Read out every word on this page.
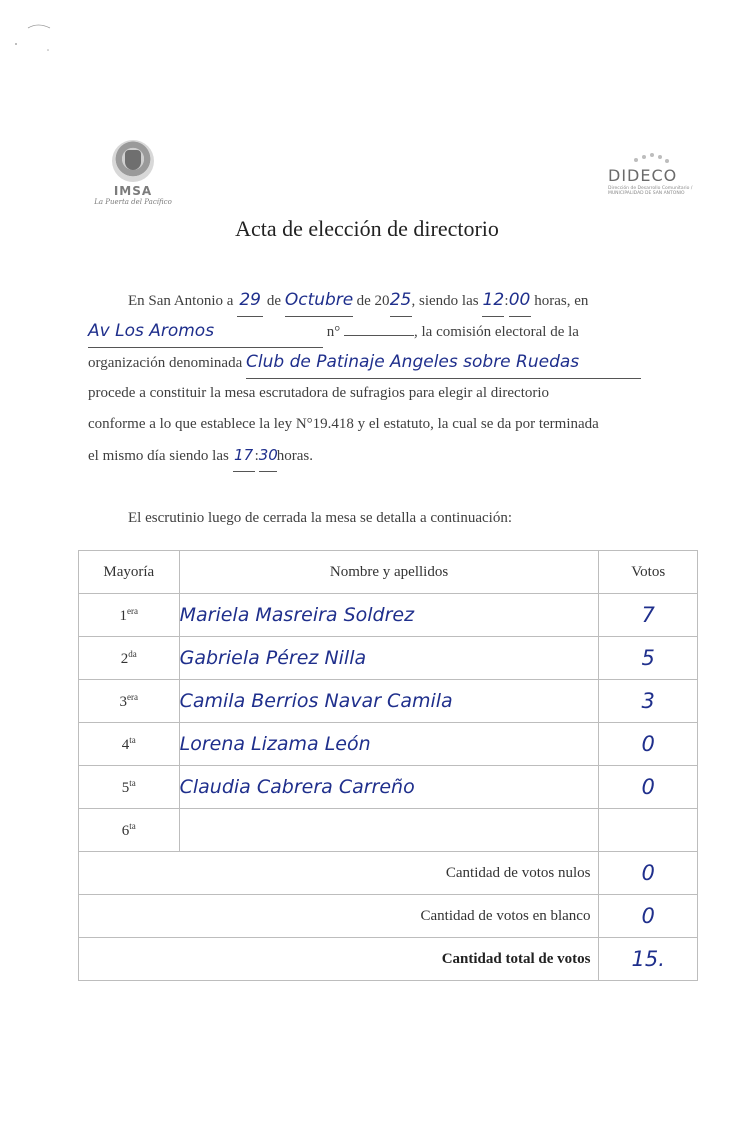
IMSA
La Puerta del Pacífico
DIDECO
Dirección de Desarrollo Comunitario / MUNICIPALIDAD DE SAN ANTONIO
Acta de elección de directorio
En San Antonio a 29 de Octubre de 2025, siendo las 12:00 horas, en
Av Los Aromos	n°	, la comisión electoral de la
organización denominada Club de Patinaje Angeles sobre Ruedas
procede a constituir la mesa escrutadora de sufragios para elegir al directorio
conforme a lo que establece la ley N°19.418 y el estatuto, la cual se da por terminada
el mismo día siendo las 17:30horas.
El escrutinio luego de cerrada la mesa se detalla a continuación:
Mayoría	Nombre y apellidos	Votos
$1^{era}$	Mariela Masreira Soldrez	7
$2^{da}$	Gabriela Pérez Nilla	5
$3^{era}$	Camila Berrios Navar Camila	3
$4^{ta}$	Lorena Lizama León	0
$5^{ta}$	Claudia Cabrera Carreño	0
$6^{ta}$		
Cantidad de votos nulos		0
Cantidad de votos en blanco		0
Cantidad total de votos		15.
